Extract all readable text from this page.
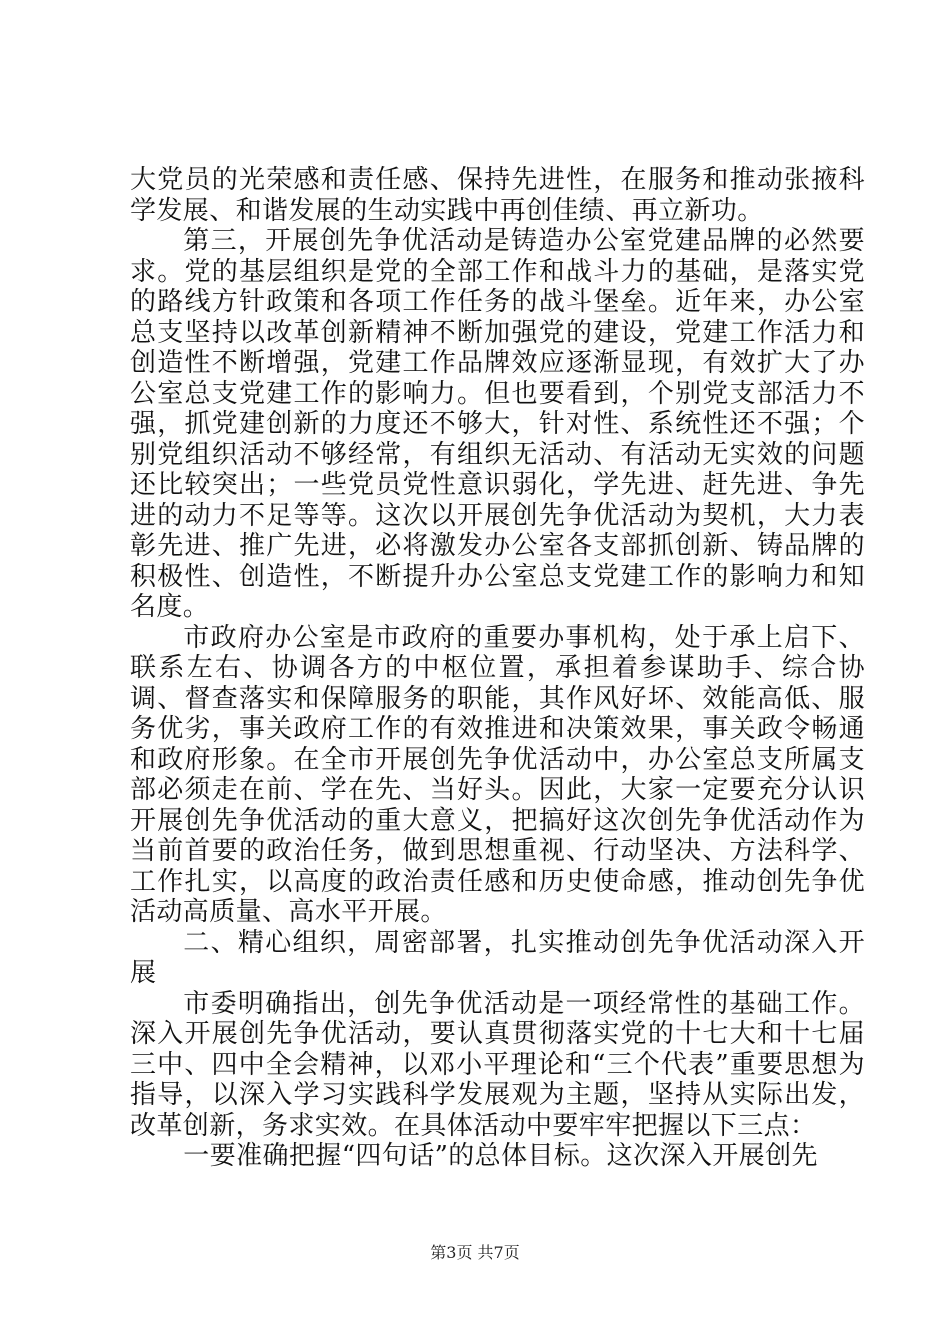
大党员的光荣感和责任感、保持先进性，在服务和推动张掖科学发展、和谐发展的生动实践中再创佳绩、再立新功。

第三，开展创先争优活动是铸造办公室党建品牌的必然要求。党的基层组织是党的全部工作和战斗力的基础，是落实党的路线方针政策和各项工作任务的战斗堡垒。近年来，办公室总支坚持以改革创新精神不断加强党的建设，党建工作活力和创造性不断增强，党建工作品牌效应逐渐显现，有效扩大了办公室总支党建工作的影响力。但也要看到，个别党支部活力不强，抓党建创新的力度还不够大，针对性、系统性还不强；个别党组织活动不够经常，有组织无活动、有活动无实效的问题还比较突出；一些党员党性意识弱化，学先进、赶先进、争先进的动力不足等等。这次以开展创先争优活动为契机，大力表彰先进、推广先进，必将激发办公室各支部抓创新、铸品牌的积极性、创造性，不断提升办公室总支党建工作的影响力和知名度。

市政府办公室是市政府的重要办事机构，处于承上启下、联系左右、协调各方的中枢位置，承担着参谋助手、综合协调、督查落实和保障服务的职能，其作风好坏、效能高低、服务优劣，事关政府工作的有效推进和决策效果，事关政令畅通和政府形象。在全市开展创先争优活动中，办公室总支所属支部必须走在前、学在先、当好头。因此，大家一定要充分认识开展创先争优活动的重大意义，把搞好这次创先争优活动作为当前首要的政治任务，做到思想重视、行动坚决、方法科学、工作扎实，以高度的政治责任感和历史使命感，推动创先争优活动高质量、高水平开展。

二、精心组织，周密部署，扎实推动创先争优活动深入开展

市委明确指出，创先争优活动是一项经常性的基础工作。深入开展创先争优活动，要认真贯彻落实党的十七大和十七届三中、四中全会精神，以邓小平理论和“三个代表”重要思想为指导，以深入学习实践科学发展观为主题，坚持从实际出发，改革创新，务求实效。在具体活动中要牢牢把握以下三点：

一要准确把握“四句话”的总体目标。这次深入开展创先

第3页 共7页
